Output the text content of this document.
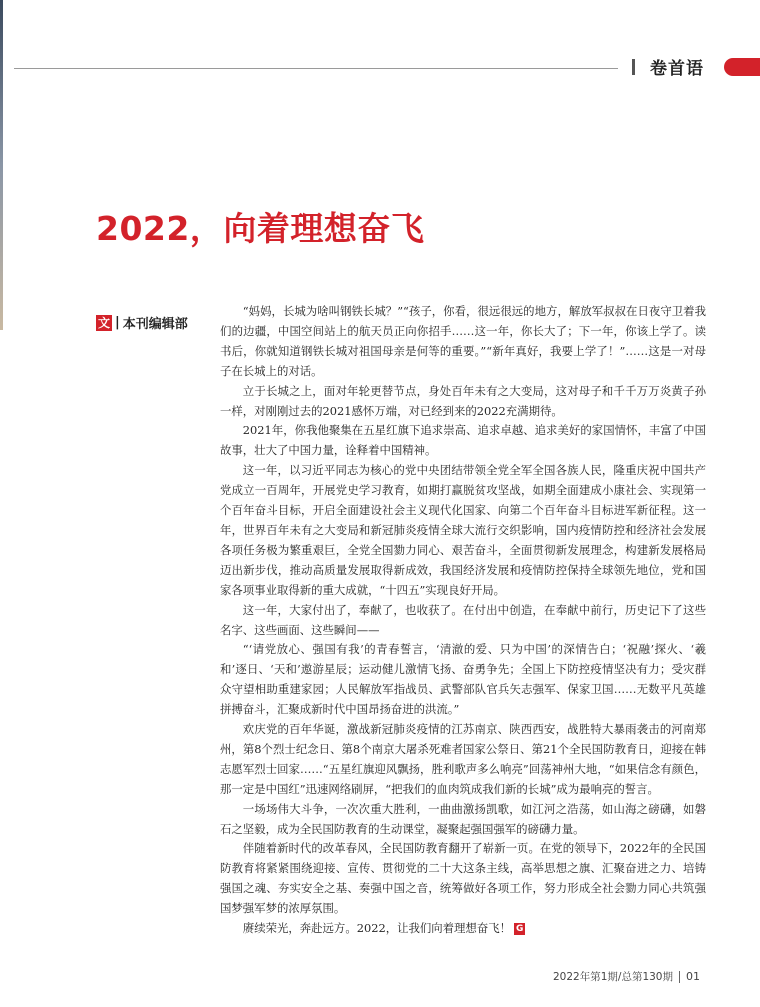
卷首语
2022，向着理想奋飞
文 | 本刊编辑部

“妈妈，长城为啥叫钢铁长城？”“孩子，你看，很远很远的地方，解放军叔叔在日夜守卫着我们的边疆，中国空间站上的航天员正向你招手……这一年，你长大了；下一年，你该上学了。读书后，你就知道钢铁长城对祖国母亲是何等的重要。”“新年真好，我要上学了！”……这是一对母子在长城上的对话。

立于长城之上，面对年轮更替节点，身处百年未有之大变局，这对母子和千千万万炎黄子孙一样，对刚刚过去的2021感怀万端，对已经到来的2022充满期待。

2021年，你我他聚集在五星红旗下追求崇高、追求卓越、追求美好的家国情怀，丰富了中国故事，壮大了中国力量，诠释着中国精神。

这一年，以习近平同志为核心的党中央团结带领全党全军全国各族人民，隆重庆祝中国共产党成立一百周年，开展党史学习教育，如期打赢脱贫攻坚战，如期全面建成小康社会、实现第一个百年奋斗目标，开启全面建设社会主义现代化国家、向第二个百年奋斗目标进军新征程。这一年，世界百年未有之大变局和新冠肺炎疫情全球大流行交织影响，国内疫情防控和经济社会发展各项任务极为繁重艰巨，全党全国勠力同心、艰苦奋斗，全面贯彻新发展理念，构建新发展格局迈出新步伐，推动高质量发展取得新成效，我国经济发展和疫情防控保持全球领先地位，党和国家各项事业取得新的重大成就，“十四五”实现良好开局。

这一年，大家付出了，奉献了，也收获了。在付出中创造，在奉献中前行，历史记下了这些名字、这些画面、这些瞬间——

“‘请党放心、强国有我’的青春誓言，‘清澈的爱、只为中国’的深情告白；‘祝融’探火、‘羲和’逐日、‘天和’遨游星辰；运动健儿激情飞扬、奋勇争先；全国上下防控疫情坚决有力；受灾群众守望相助重建家园；人民解放军指战员、武警部队官兵矢志强军、保家卫国……无数平凡英雄拼搏奋斗，汇聚成新时代中国昂扬奋进的洪流。”

欢庆党的百年华诞，激战新冠肺炎疫情的江苏南京、陕西西安，战胜特大暴雨袭击的河南郑州，第8个烈士纪念日、第8个南京大屠杀死难者国家公祭日、第21个全民国防教育日，迎接在韩志愿军烈士回家……“五星红旗迎风飘扬，胜利歌声多么响亮”回荡神州大地，“如果信念有颜色，那一定是中国红”迅速网络刷屏，“把我们的血肉筑成我们新的长城”成为最响亮的誓言。

一场场伟大斗争，一次次重大胜利，一曲曲激扬凯歌，如江河之浩荡，如山海之磅礴，如磐石之坚毅，成为全民国防教育的生动课堂，凝聚起强国强军的磅礴力量。

伴随着新时代的改革春风，全民国防教育翻开了崭新一页。在党的领导下，2022年的全民国防教育将紧紧围绕迎接、宣传、贯彻党的二十大这条主线，高举思想之旗、汇聚奋进之力、培铸强国之魂、夯实安全之基、奏强中国之音，统筹做好各项工作，努力形成全社会勠力同心共筑强国梦强军梦的浓厚氛围。

赓续荣光，奔赴远方。2022，让我们向着理想奋飞！ G

2022年第1期/总第130期 01
